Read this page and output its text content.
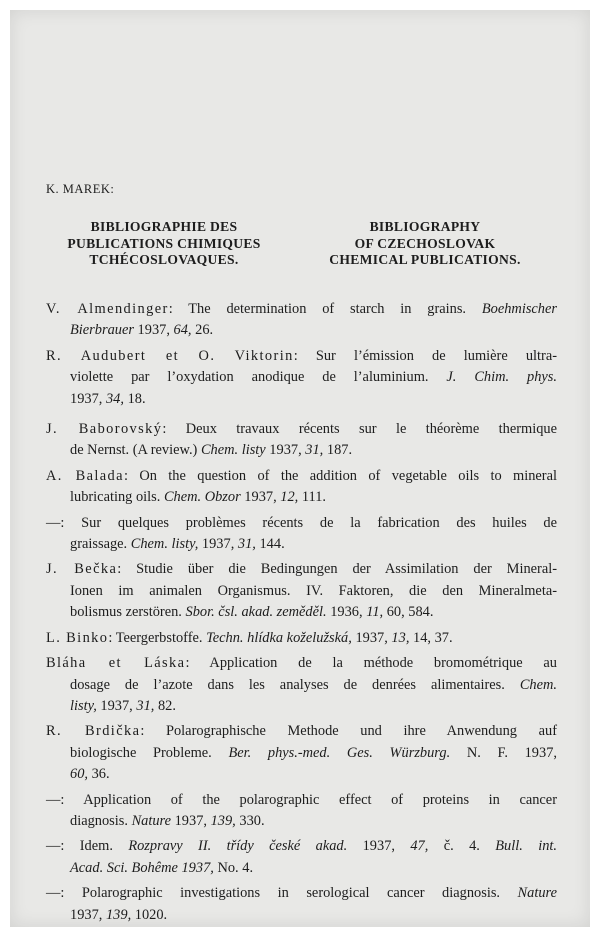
K. MAREK:
BIBLIOGRAPHIE DES
PUBLICATIONS CHIMIQUES
TCHÉCOSLOVAQUES.
BIBLIOGRAPHY
OF CZECHOSLOVAK
CHEMICAL PUBLICATIONS.
V. Almendinger: The determination of starch in grains. Boehmischer
Bierbrauer 1937, 64, 26.
R. Audubert et O. Viktorin: Sur l’émission de lumière ultra-
violette par l’oxydation anodique de l’aluminium. J. Chim. phys.
1937, 34, 18.
J. Baborovský: Deux travaux récents sur le théorème thermique
de Nernst. (A review.) Chem. listy 1937, 31, 187.
A. Balada: On the question of the addition of vegetable oils to mineral
lubricating oils. Chem. Obzor 1937, 12, 111.
—: Sur quelques problèmes récents de la fabrication des huiles de
graissage. Chem. listy, 1937, 31, 144.
J. Bečka: Studie über die Bedingungen der Assimilation der Mineral-
Ionen im animalen Organismus. IV. Faktoren, die den Mineralmeta-
bolismus zerstören. Sbor. čsl. akad. zeměděl. 1936, 11, 60, 584.
L. Binko: Teergerbstoffe. Techn. hlídka koželužská, 1937, 13, 14, 37.
Bláha et Láska: Application de la méthode bromométrique au
dosage de l’azote dans les analyses de denrées alimentaires. Chem.
listy, 1937, 31, 82.
R. Brdička: Polarographische Methode und ihre Anwendung auf
biologische Probleme. Ber. phys.-med. Ges. Würzburg. N. F. 1937,
60, 36.
—: Application of the polarographic effect of proteins in cancer
diagnosis. Nature 1937, 139, 330.
—: Idem. Rozpravy II. třídy české akad. 1937, 47, č. 4. Bull. int.
Acad. Sci. Bohême 1937, No. 4.
—: Polarographic investigations in serological cancer diagnosis. Nature
1937, 139, 1020.
